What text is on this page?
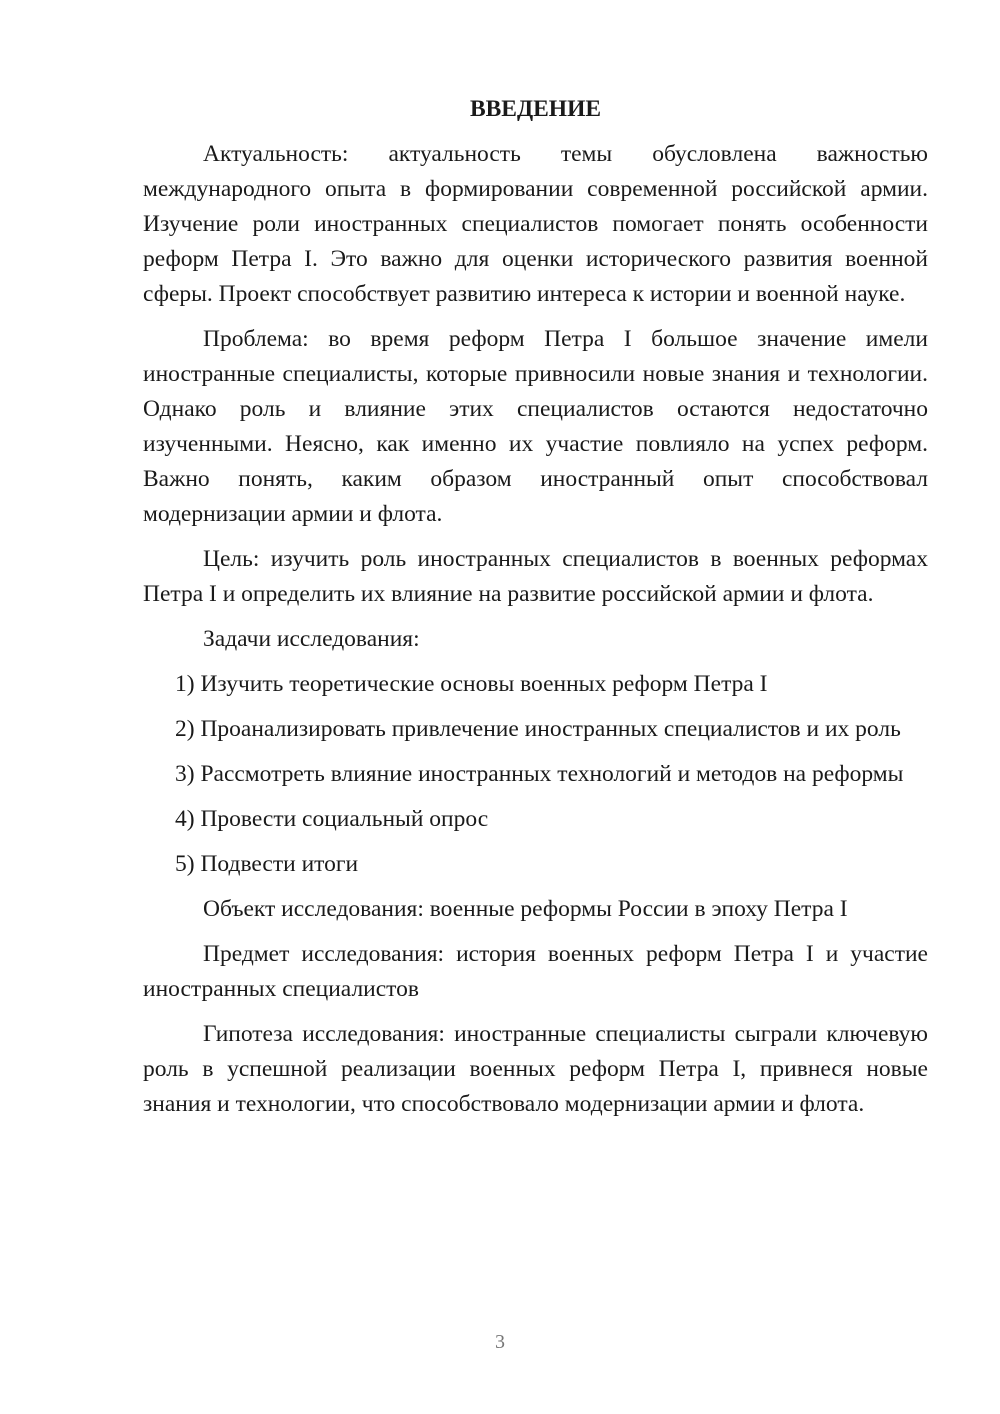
ВВЕДЕНИЕ

Актуальность: актуальность темы обусловлена важностью международного опыта в формировании современной российской армии. Изучение роли иностранных специалистов помогает понять особенности реформ Петра I. Это важно для оценки исторического развития военной сферы. Проект способствует развитию интереса к истории и военной науке.

Проблема: во время реформ Петра I большое значение имели иностранные специалисты, которые привносили новые знания и технологии. Однако роль и влияние этих специалистов остаются недостаточно изученными. Неясно, как именно их участие повлияло на успех реформ. Важно понять, каким образом иностранный опыт способствовал модернизации армии и флота.

Цель: изучить роль иностранных специалистов в военных реформах Петра I и определить их влияние на развитие российской армии и флота.

Задачи исследования:

1) Изучить теоретические основы военных реформ Петра I

2) Проанализировать привлечение иностранных специалистов и их роль

3) Рассмотреть влияние иностранных технологий и методов на реформы

4) Провести социальный опрос

5) Подвести итоги

Объект исследования: военные реформы России в эпоху Петра I

Предмет исследования: история военных реформ Петра I и участие иностранных специалистов

Гипотеза исследования: иностранные специалисты сыграли ключевую роль в успешной реализации военных реформ Петра I, привнеся новые знания и технологии, что способствовало модернизации армии и флота.

3
